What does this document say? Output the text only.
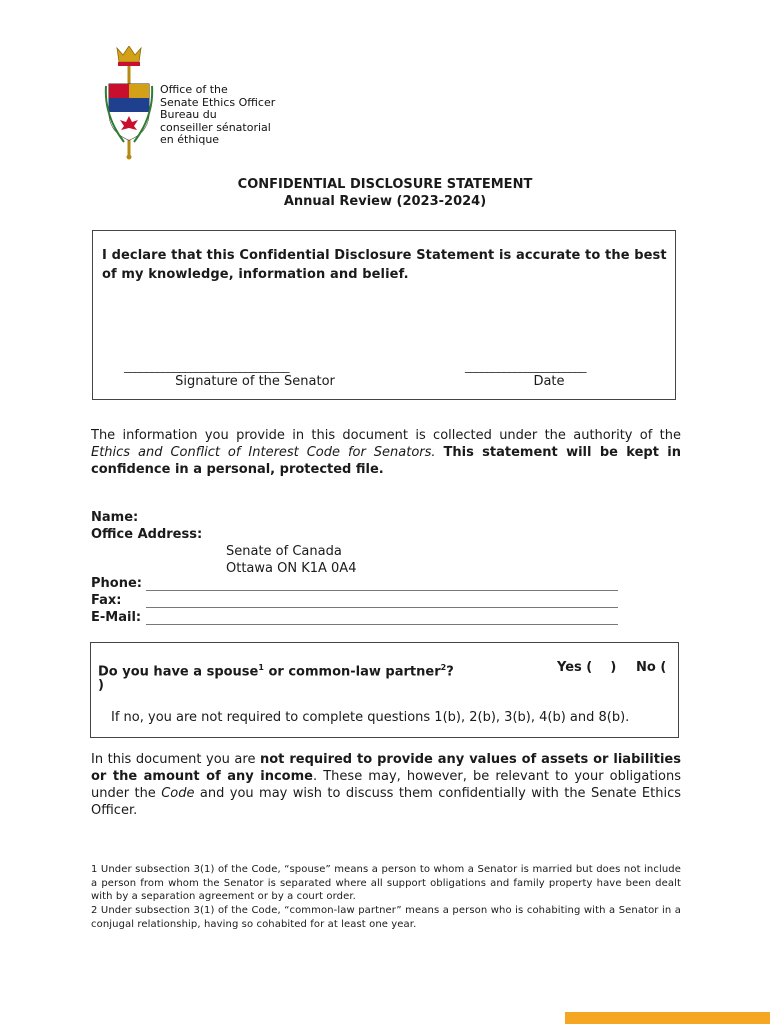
Office of the
Senate Ethics Officer
Bureau du
conseiller sénatorial
en éthique
CONFIDENTIAL DISCLOSURE STATEMENT
Annual Review (2023-2024)
I declare that this Confidential Disclosure Statement is accurate to the best of my knowledge, information and belief.
______________________________	______________________
Signature of the Senator	Date
The information you provide in this document is collected under the authority of the Ethics and Conflict of Interest Code for Senators. This statement will be kept in confidence in a personal, protected file.
Name:
Office Address:
Senate of Canada
Ottawa ON K1A 0A4
Phone:
Fax:
E-Mail:
Do you have a spouse$^1$ or common-law partner$^2$?	Yes (    ) No (
)
If no, you are not required to complete questions 1(b), 2(b), 3(b), 4(b) and 8(b).
In this document you are not required to provide any values of assets or liabilities or the amount of any income. These may, however, be relevant to your obligations under the Code and you may wish to discuss them confidentially with the Senate Ethics Officer.
1 Under subsection 3(1) of the Code, “spouse” means a person to whom a Senator is married but does not include a person from whom the Senator is separated where all support obligations and family property have been dealt with by a separation agreement or by a court order.
2 Under subsection 3(1) of the Code, “common-law partner” means a person who is cohabiting with a Senator in a conjugal relationship, having so cohabited for at least one year.
